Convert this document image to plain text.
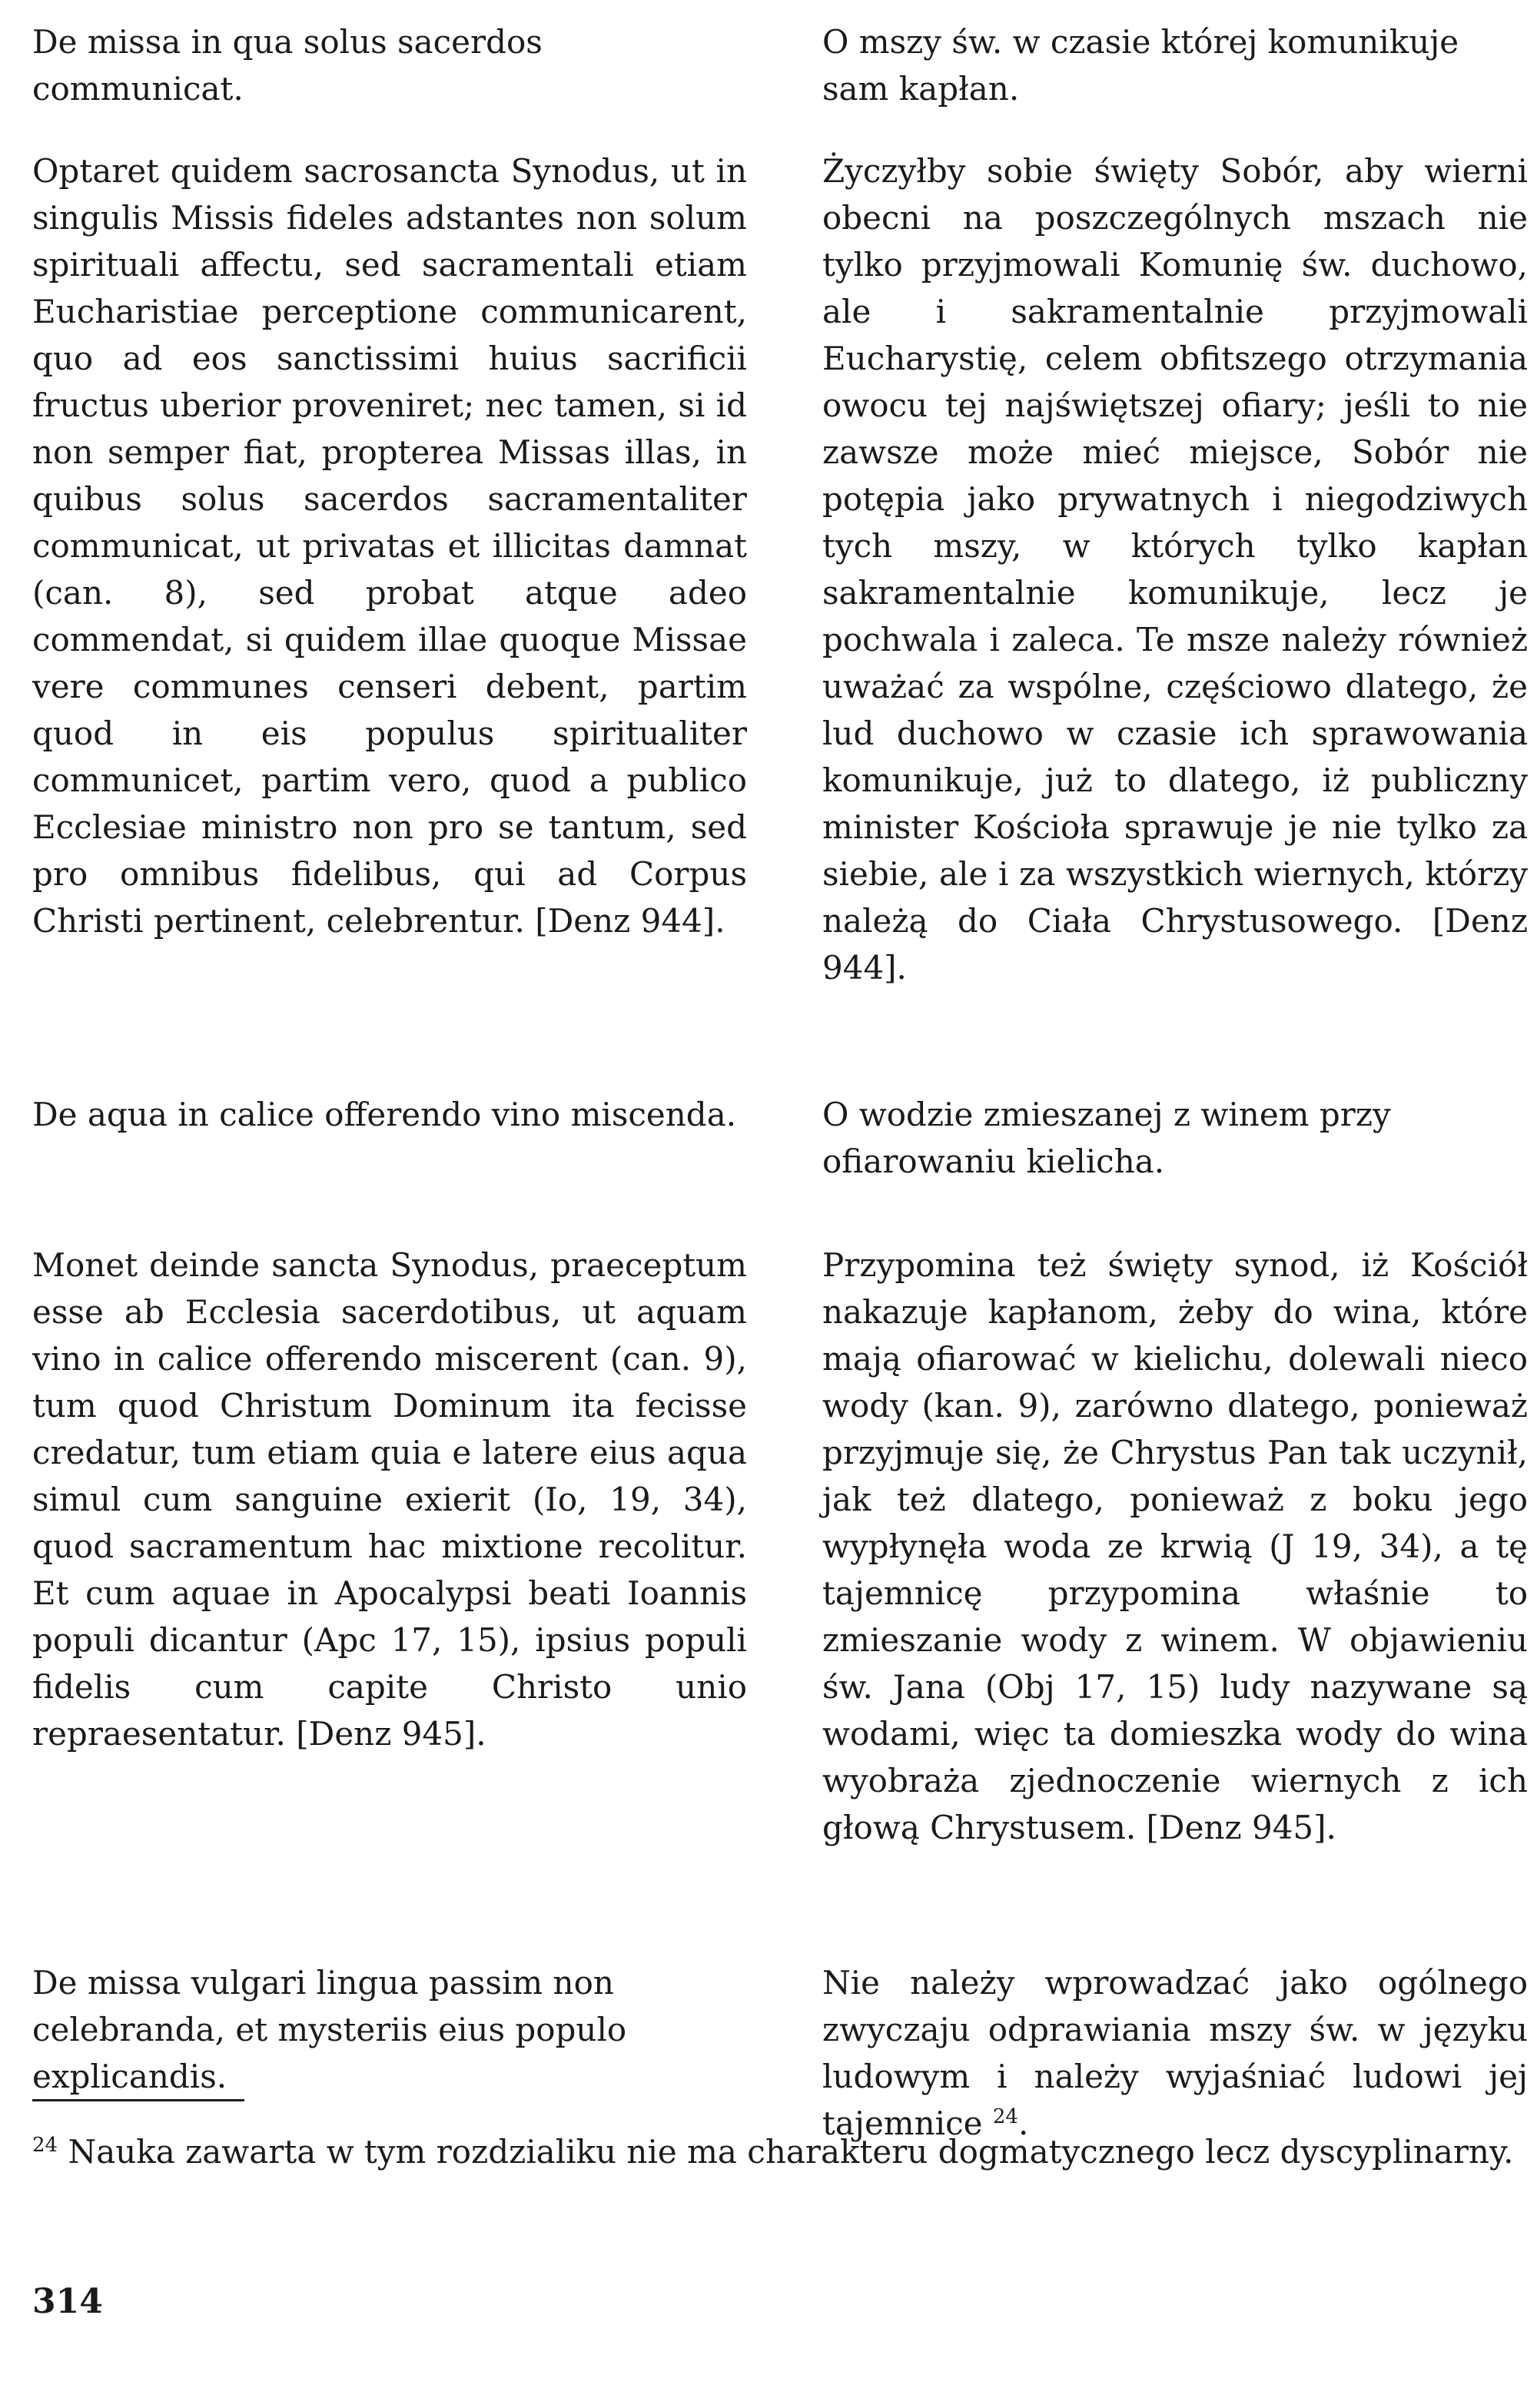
De missa in qua solus sacerdos communicat.

Optaret quidem sacrosancta Synodus, ut in singulis Missis fideles adstantes non solum spirituali affectu, sed sacramentali etiam Eucharistiae perceptione communicarent, quo ad eos sanctissimi huius sacrificii fructus uberior proveniret; nec tamen, si id non semper fiat, propterea Missas illas, in quibus solus sacerdos sacramentaliter communicat, ut privatas et illicitas damnat (can. 8), sed probat atque adeo commendat, si quidem illae quoque Missae vere communes censeri debent, partim quod in eis populus spiritualiter communicet, partim vero, quod a publico Ecclesiae ministro non pro se tantum, sed pro omnibus fidelibus, qui ad Corpus Christi pertinent, celebrentur. [Denz 944].

De aqua in calice offerendo vino miscenda.

Monet deinde sancta Synodus, praeceptum esse ab Ecclesia sacerdotibus, ut aquam vino in calice offerendo miscerent (can. 9), tum quod Christum Dominum ita fecisse credatur, tum etiam quia e latere eius aqua simul cum sanguine exierit (Io, 19, 34), quod sacramentum hac mixtione recolitur. Et cum aquae in Apocalypsi beati Ioannis populi dicantur (Apc 17, 15), ipsius populi fidelis cum capite Christo unio repraesentatur. [Denz 945].

De missa vulgari lingua passim non celebranda, et mysteriis eius populo explicandis.

O mszy św. w czasie której komunikuje sam kapłan.

Życzyłby sobie święty Sobór, aby wierni obecni na poszczególnych mszach nie tylko przyjmowali Komunię św. duchowo, ale i sakramentalnie przyjmowali Eucharystię, celem obfitszego otrzymania owocu tej najświętszej ofiary; jeśli to nie zawsze może mieć miejsce, Sobór nie potępia jako prywatnych i niegodziwych tych mszy, w których tylko kapłan sakramentalnie komunikuje, lecz je pochwala i zaleca. Te msze należy również uważać za wspólne, częściowo dlatego, że lud duchowo w czasie ich sprawowania komunikuje, już to dlatego, iż publiczny minister Kościoła sprawuje je nie tylko za siebie, ale i za wszystkich wiernych, którzy należą do Ciała Chrystusowego. [Denz 944].

O wodzie zmieszanej z winem przy ofiarowaniu kielicha.

Przypomina też święty synod, iż Kościół nakazuje kapłanom, żeby do wina, które mają ofiarować w kielichu, dolewali nieco wody (kan. 9), zarówno dlatego, ponieważ przyjmuje się, że Chrystus Pan tak uczynił, jak też dlatego, ponieważ z boku jego wypłynęła woda ze krwią (J 19, 34), a tę tajemnicę przypomina właśnie to zmieszanie wody z winem. W objawieniu św. Jana (Obj 17, 15) ludy nazywane są wodami, więc ta domieszka wody do wina wyobraża zjednoczenie wiernych z ich głową Chrystusem. [Denz 945].

Nie należy wprowadzać jako ogólnego zwyczaju odprawiania mszy św. w języku ludowym i należy wyjaśniać ludowi jej tajemnice $^{24}$.

$^{24}$ Nauka zawarta w tym rozdzialiku nie ma charakteru dogmatycznego lecz dyscyplinarny.

314
